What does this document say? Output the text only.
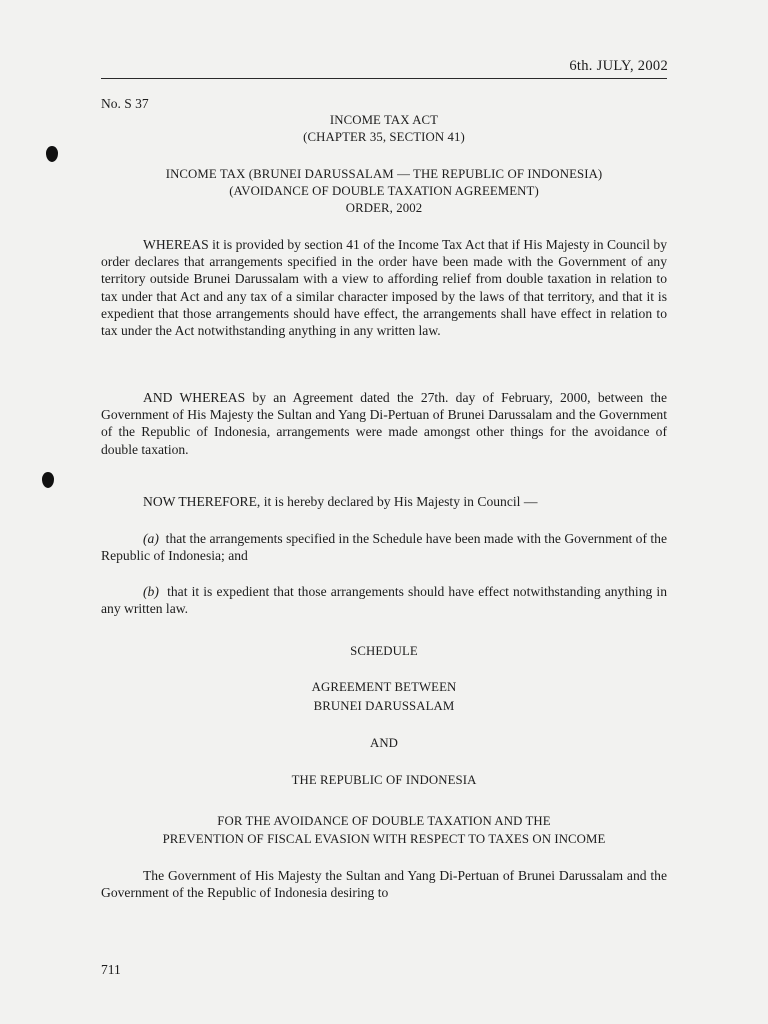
6th. JULY, 2002
No. S 37
INCOME TAX ACT
(CHAPTER 35, SECTION 41)
INCOME TAX (BRUNEI DARUSSALAM — THE REPUBLIC OF INDONESIA)
(AVOIDANCE OF DOUBLE TAXATION AGREEMENT)
ORDER, 2002
WHEREAS it is provided by section 41 of the Income Tax Act that if His Majesty in Council by order declares that arrangements specified in the order have been made with the Government of any territory outside Brunei Darussalam with a view to affording relief from double taxation in relation to tax under that Act and any tax of a similar character imposed by the laws of that territory, and that it is expedient that those arrangements should have effect, the arrangements shall have effect in relation to tax under the Act notwithstanding anything in any written law.
AND WHEREAS by an Agreement dated the 27th. day of February, 2000, between the Government of His Majesty the Sultan and Yang Di-Pertuan of Brunei Darussalam and the Government of the Republic of Indonesia, arrangements were made amongst other things for the avoidance of double taxation.
NOW THEREFORE, it is hereby declared by His Majesty in Council —
(a) that the arrangements specified in the Schedule have been made with the Government of the Republic of Indonesia; and
(b) that it is expedient that those arrangements should have effect notwithstanding anything in any written law.
SCHEDULE
AGREEMENT BETWEEN
BRUNEI DARUSSALAM
AND
THE REPUBLIC OF INDONESIA
FOR THE AVOIDANCE OF DOUBLE TAXATION AND THE
PREVENTION OF FISCAL EVASION WITH RESPECT TO TAXES ON INCOME
The Government of His Majesty the Sultan and Yang Di-Pertuan of Brunei Darussalam and the Government of the Republic of Indonesia desiring to
711
